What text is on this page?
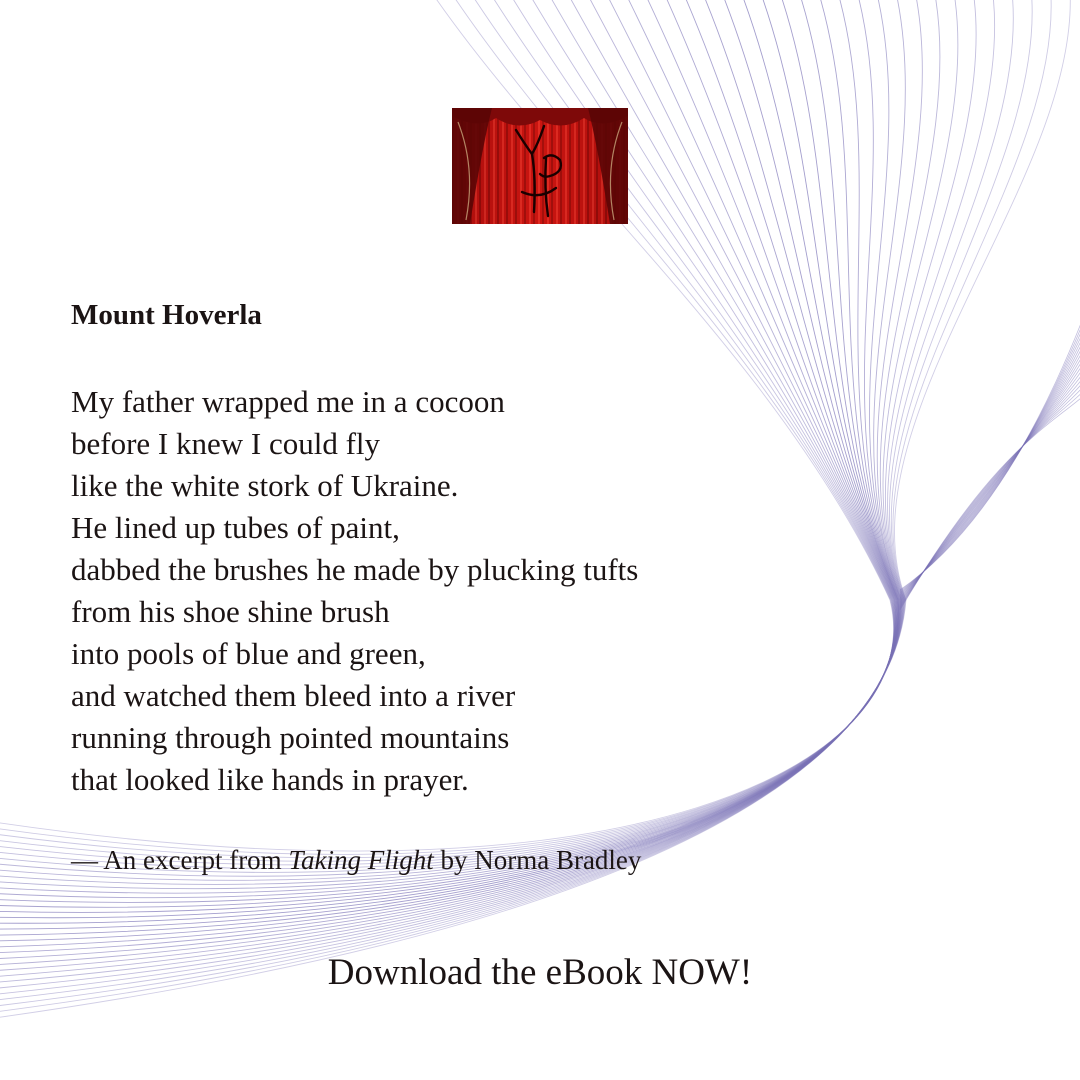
Mount Hoverla
My father wrapped me in a cocoon
before I knew I could fly
like the white stork of Ukraine.
He lined up tubes of paint,
dabbed the brushes he made by plucking tufts
from his shoe shine brush
into pools of blue and green,
and watched them bleed into a river
running through pointed mountains
that looked like hands in prayer.

— An excerpt from Taking Flight by Norma Bradley

Download the eBook NOW!
